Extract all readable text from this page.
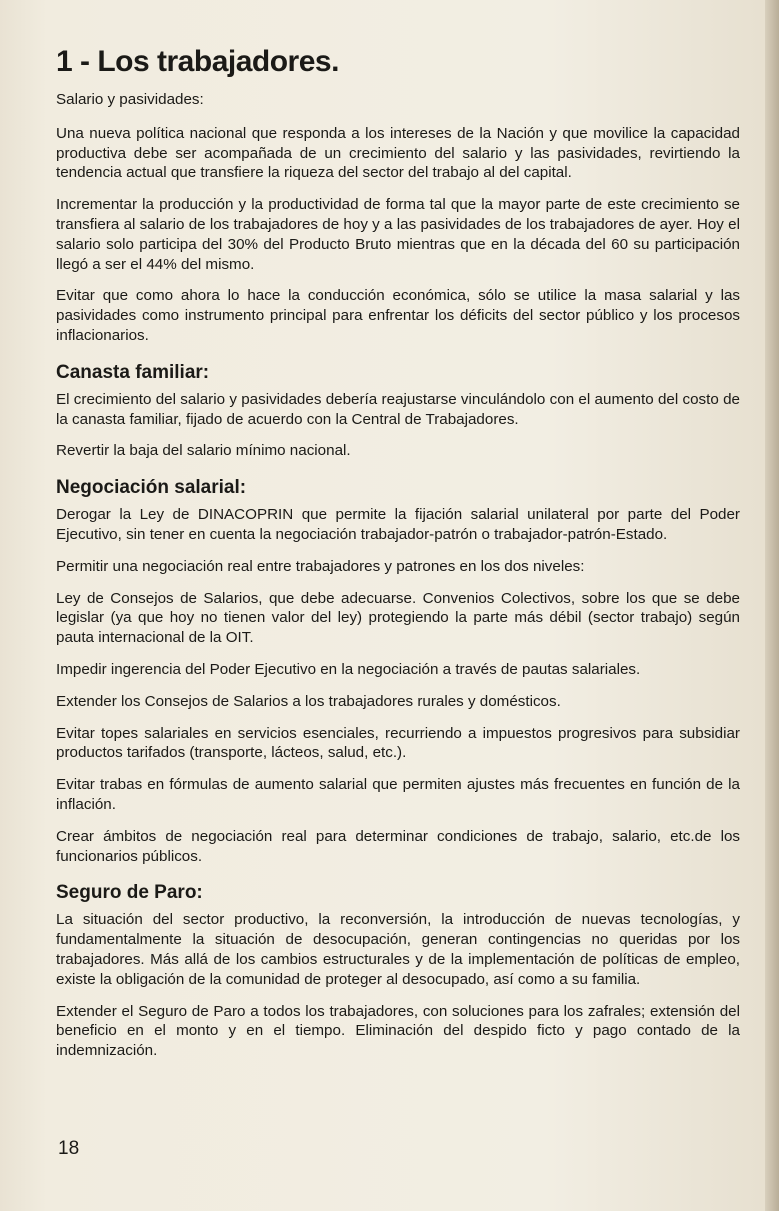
1 - Los trabajadores.

Salario y pasividades:

Una nueva política nacional que responda a los intereses de la Nación y que movilice la capacidad productiva debe ser acompañada de un crecimiento del salario y las pasividades, revirtiendo la tendencia actual que transfiere la riqueza del sector del trabajo al del capital.

Incrementar la producción y la productividad de forma tal que la mayor parte de este crecimiento se transfiera al salario de los trabajadores de hoy y a las pasividades de los trabajadores de ayer. Hoy el salario solo participa del 30% del Producto Bruto mientras que en la década del 60 su participación llegó a ser el 44% del mismo.

Evitar que como ahora lo hace la conducción económica, sólo se utilice la masa salarial y las pasividades como instrumento principal para enfrentar los déficits del sector público y los procesos inflacionarios.

Canasta familiar:

El crecimiento del salario y pasividades debería reajustarse vinculándolo con el aumento del costo de la canasta familiar, fijado de acuerdo con la Central de Trabajadores.

Revertir la baja del salario mínimo nacional.

Negociación salarial:

Derogar la Ley de DINACOPRIN que permite la fijación salarial unilateral por parte del Poder Ejecutivo, sin tener en cuenta la negociación trabajador-patrón o trabajador-patrón-Estado.

Permitir una negociación real entre trabajadores y patrones en los dos niveles:

Ley de Consejos de Salarios, que debe adecuarse. Convenios Colectivos, sobre los que se debe legislar (ya que hoy no tienen valor del ley) protegiendo la parte más débil (sector trabajo) según pauta internacional de la OIT.

Impedir ingerencia del Poder Ejecutivo en la negociación a través de pautas salariales.

Extender los Consejos de Salarios a los trabajadores rurales y domésticos.

Evitar topes salariales en servicios esenciales, recurriendo a impuestos progresivos para subsidiar productos tarifados (transporte, lácteos, salud, etc.).

Evitar trabas en fórmulas de aumento salarial que permiten ajustes más frecuentes en función de la inflación.

Crear ámbitos de negociación real para determinar condiciones de trabajo, salario, etc.de los funcionarios públicos.

Seguro de Paro:

La situación del sector productivo, la reconversión, la introducción de nuevas tecnologías, y fundamentalmente la situación de desocupación, generan contingencias no queridas por los trabajadores. Más allá de los cambios estructurales y de la implementación de políticas de empleo, existe la obligación de la comunidad de proteger al desocupado, así como a su familia.

Extender el Seguro de Paro a todos los trabajadores, con soluciones para los zafrales; extensión del beneficio en el monto y en el tiempo. Eliminación del despido ficto y pago contado de la indemnización.

18
